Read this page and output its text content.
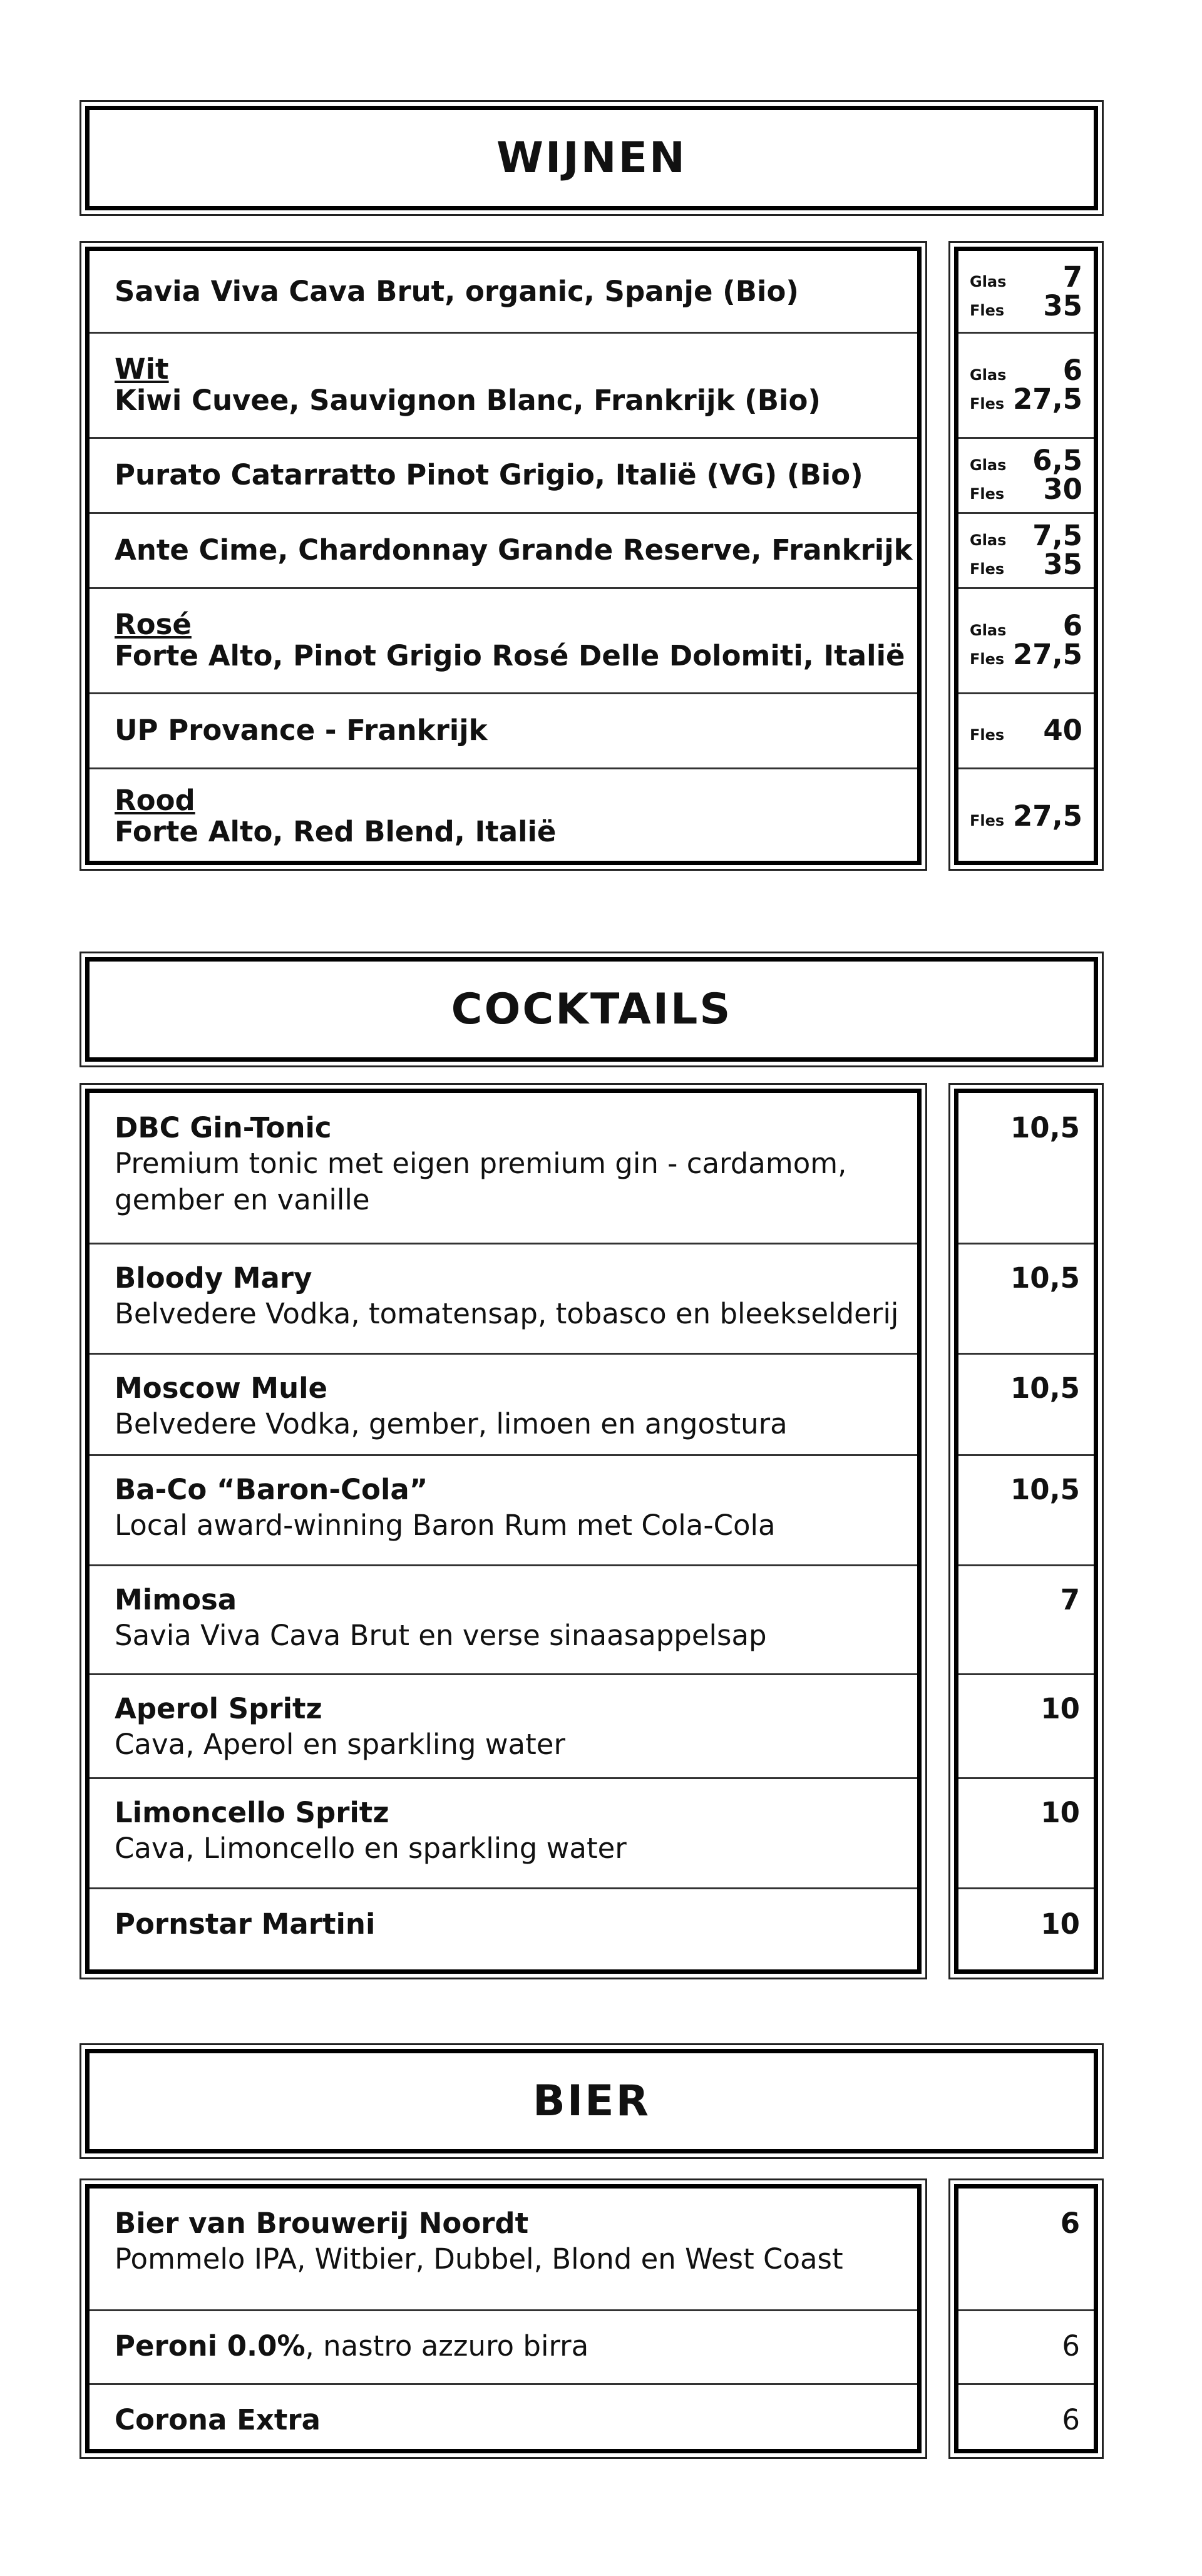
WIJNEN
Savia Viva Cava Brut, organic, Spanje (Bio)
Wit
Kiwi Cuvee, Sauvignon Blanc, Frankrijk (Bio)
Purato Catarratto Pinot Grigio, Italië (VG) (Bio)
Ante Cime, Chardonnay Grande Reserve, Frankrijk
Rosé
Forte Alto, Pinot Grigio Rosé Delle Dolomiti, Italië
UP Provance - Frankrijk
Rood
Forte Alto, Red Blend, Italië
Glas 7
Fles 35
Glas 6
Fles 27,5
Glas 6,5
Fles 30
Glas 7,5
Fles 35
Glas 6
Fles 27,5
Fles 40
Fles 27,5
COCKTAILS
DBC Gin-Tonic
Premium tonic met eigen premium gin - cardamom,
gember en vanille
Bloody Mary
Belvedere Vodka, tomatensap, tobasco en bleekselderij
Moscow Mule
Belvedere Vodka, gember, limoen en angostura
Ba-Co “Baron-Cola”
Local award-winning Baron Rum met Cola-Cola
Mimosa
Savia Viva Cava Brut en verse sinaasappelsap
Aperol Spritz
Cava, Aperol en sparkling water
Limoncello Spritz
Cava, Limoncello en sparkling water
Pornstar Martini
10,5
10,5
10,5
10,5
7
10
10
10
BIER
Bier van Brouwerij Noordt
Pommelo IPA, Witbier, Dubbel, Blond en West Coast
Peroni 0.0%, nastro azzuro birra
Corona Extra
6
6
6
